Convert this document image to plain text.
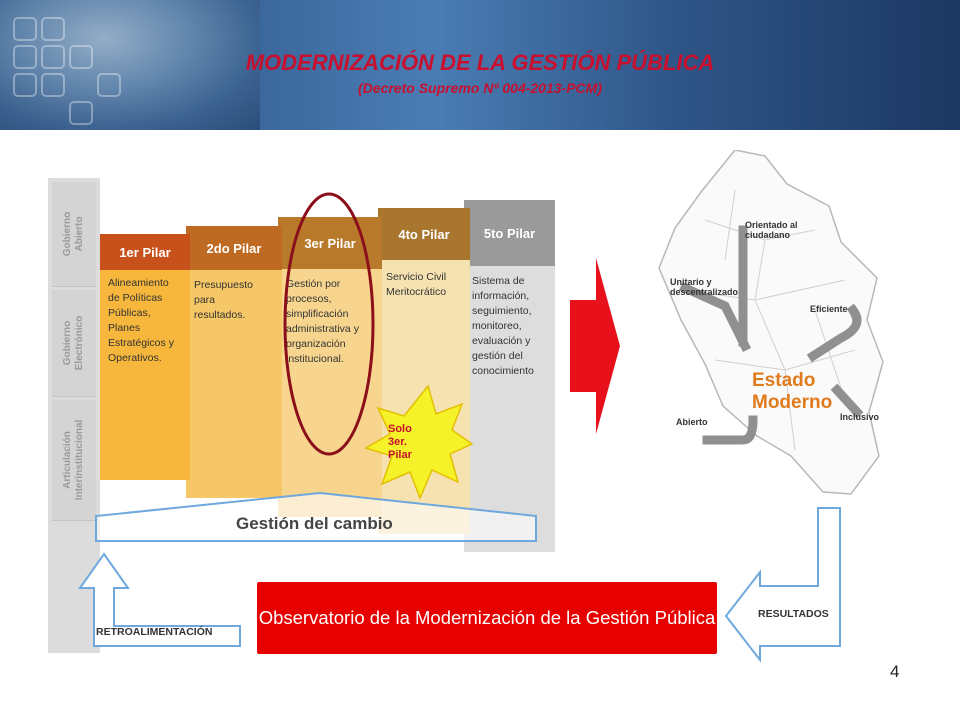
MODERNIZACIÓN DE LA GESTIÓN PÚBLICA
(Decreto Supremo Nº 004-2013-PCM)
Gobierno
Abierto
Gobierno
Electrónico
Articulación
Interinstitucional
5to Pilar
Sistema de
información,
seguimiento,
monitoreo,
evaluación y
gestión del
conocimiento
4to Pilar
Servicio Civil
Meritocrático
3er Pilar
Gestión por
procesos,
simplificación
administrativa y
organización
institucional.
2do Pilar
Presupuesto
para
resultados.
1er Pilar
Alineamiento
de Políticas
Públicas,
Planes
Estratégicos y
Operativos.
Gestión del cambio
Solo
3er.
Pilar
Orientado al
ciudadano
Unitario y
descentralizado
Eficiente
Abierto	Inclusivo
Estado
Moderno
RESULTADOS
RETROALIMENTACIÓN
Observatorio de la Modernización de la Gestión Pública
4
